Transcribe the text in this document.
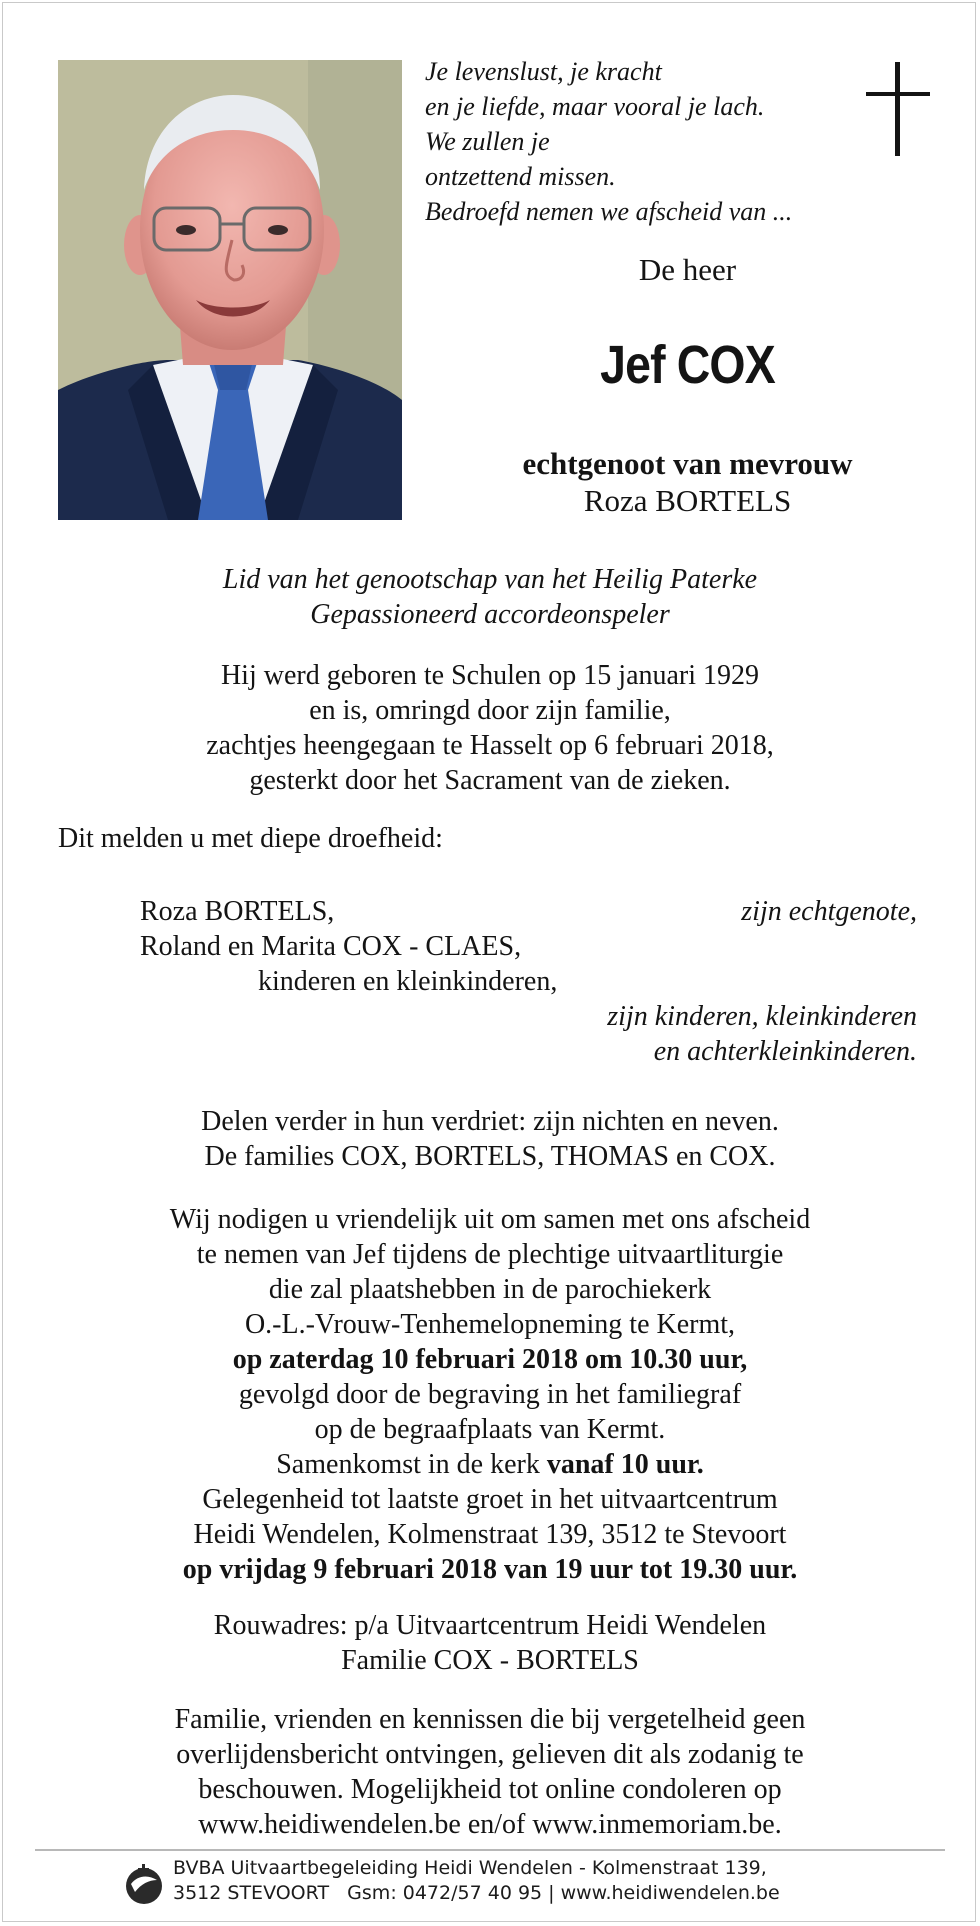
Je levenslust, je kracht
en je liefde, maar vooral je lach.
We zullen je
ontzettend missen.
Bedroefd nemen we afscheid van ...
De heer
Jef COX
echtgenoot van mevrouw
Roza BORTELS
Lid van het genootschap van het Heilig Paterke
Gepassioneerd accordeonspeler
Hij werd geboren te Schulen op 15 januari 1929
en is, omringd door zijn familie,
zachtjes heengegaan te Hasselt op 6 februari 2018,
gesterkt door het Sacrament van de zieken.
Dit melden u met diepe droefheid:
Roza BORTELS,	zijn echtgenote,
Roland en Marita COX - CLAES,
kinderen en kleinkinderen,
zijn kinderen, kleinkinderen
en achterkleinkinderen.
Delen verder in hun verdriet: zijn nichten en neven.
De families COX, BORTELS, THOMAS en COX.
Wij nodigen u vriendelijk uit om samen met ons afscheid
te nemen van Jef tijdens de plechtige uitvaartliturgie
die zal plaatshebben in de parochiekerk
O.-L.-Vrouw-Tenhemelopneming te Kermt,
op zaterdag 10 februari 2018 om 10.30 uur,
gevolgd door de begraving in het familiegraf
op de begraafplaats van Kermt.
Samenkomst in de kerk vanaf 10 uur.
Gelegenheid tot laatste groet in het uitvaartcentrum
Heidi Wendelen, Kolmenstraat 139, 3512 te Stevoort
op vrijdag 9 februari 2018 van 19 uur tot 19.30 uur.
Rouwadres: p/a Uitvaartcentrum Heidi Wendelen
Familie COX - BORTELS
Familie, vrienden en kennissen die bij vergetelheid geen
overlijdensbericht ontvingen, gelieven dit als zodanig te
beschouwen. Mogelijkheid tot online condoleren op
www.heidiwendelen.be en/of www.inmemoriam.be.
BVBA Uitvaartbegeleiding Heidi Wendelen - Kolmenstraat 139,
3512 STEVOORT   Gsm: 0472/57 40 95 | www.heidiwendelen.be
